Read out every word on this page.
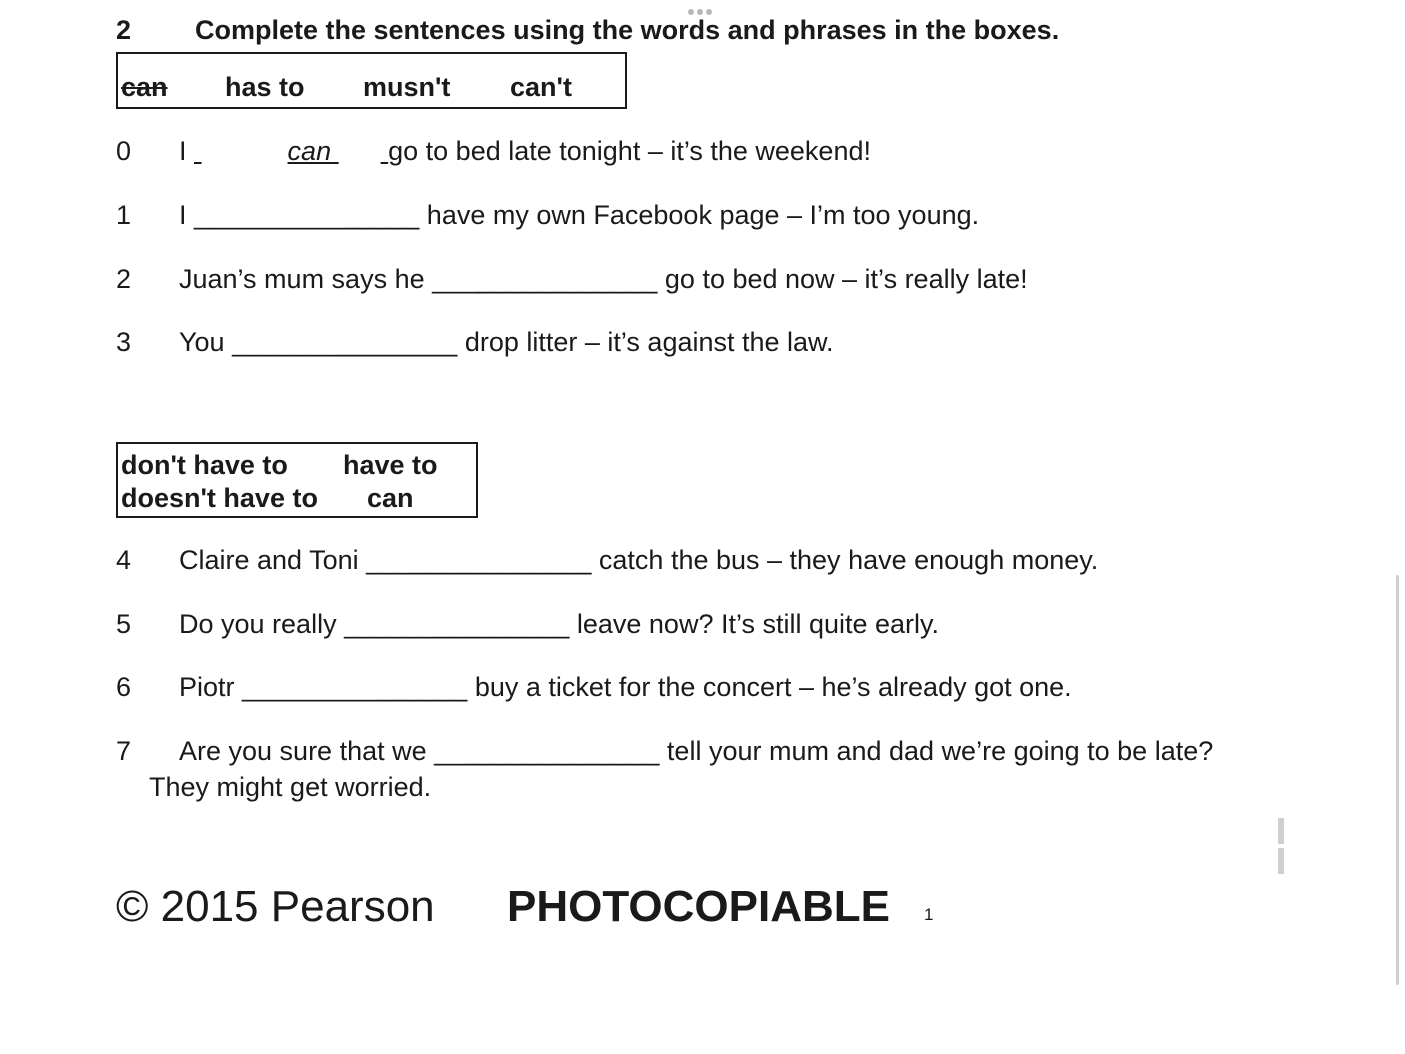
2 Complete the sentences using the words and phrases in the boxes.
can has to musn't can't
0 I	can go to bed late tonight – it’s the weekend!
1 I _______________ have my own Facebook page – I’m too young.
2 Juan’s mum says he _______________ go to bed now – it’s really late!
3 You _______________ drop litter – it’s against the law.
don't have to have to
doesn't have to can
4 Claire and Toni _______________ catch the bus – they have enough money.
5 Do you really _______________ leave now? It’s still quite early.
6 Piotr _______________ buy a ticket for the concert – he’s already got one.
7 Are you sure that we _______________ tell your mum and dad we’re going to be late?
They might get worried.
© 2015 Pearson PHOTOCOPIABLE 1
